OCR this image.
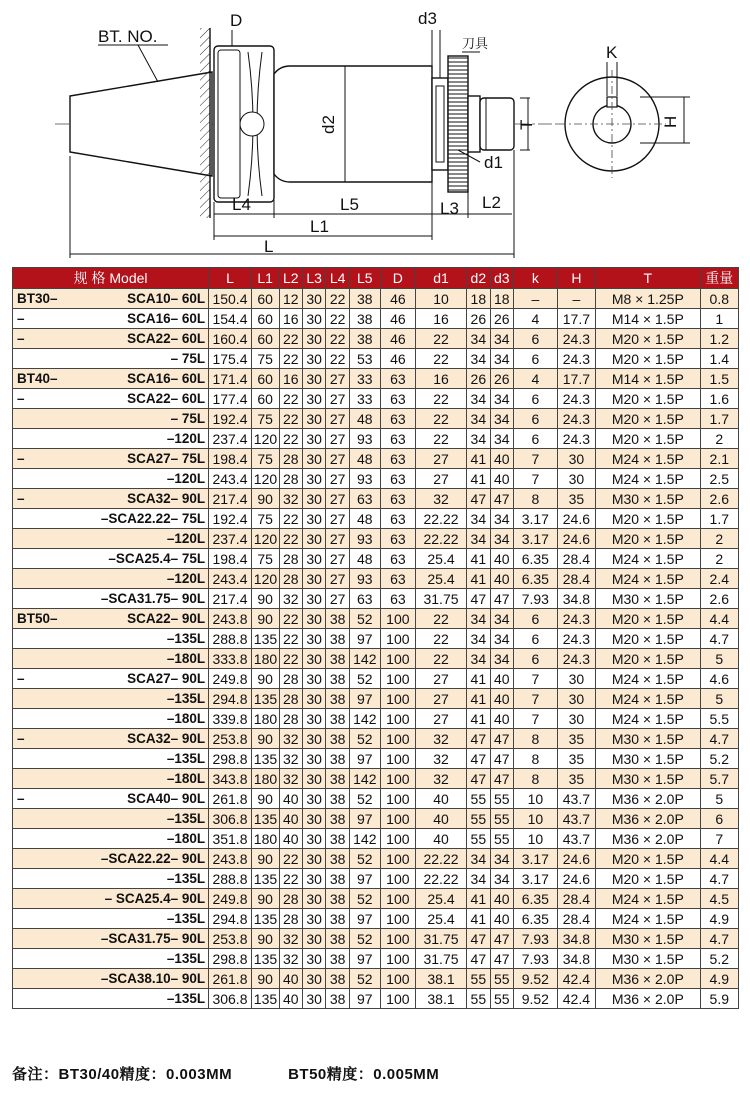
BT. NO.
D	d3
刀具
d2	T
d1
K
H
L4	L5	L3 L2
L1
L
规 格 Model	L	L1	L2	L3	L4	L5	D	d1	d2	d3	k	H	T	重量

BT30– SCA10– 60L	150.4	60	12	30	22	38	46	10	18	18	–	–	M8 × 1.25P	0.8

– SCA16– 60L	154.4	60	16	30	22	38	46	16	26	26	4	17.7	M14 × 1.5P	1

– SCA22– 60L	160.4	60	22	30	22	38	46	22	34	34	6	24.3	M20 × 1.5P	1.2

– 75L	175.4	75	22	30	22	53	46	22	34	34	6	24.3	M20 × 1.5P	1.4

BT40– SCA16– 60L	171.4	60	16	30	27	33	63	16	26	26	4	17.7	M14 × 1.5P	1.5

– SCA22– 60L	177.4	60	22	30	27	33	63	22	34	34	6	24.3	M20 × 1.5P	1.6

– 75L	192.4	75	22	30	27	48	63	22	34	34	6	24.3	M20 × 1.5P	1.7

–120L	237.4	120	22	30	27	93	63	22	34	34	6	24.3	M20 × 1.5P	2

– SCA27– 75L	198.4	75	28	30	27	48	63	27	41	40	7	30	M24 × 1.5P	2.1

–120L	243.4	120	28	30	27	93	63	27	41	40	7	30	M24 × 1.5P	2.5

– SCA32– 90L	217.4	90	32	30	27	63	63	32	47	47	8	35	M30 × 1.5P	2.6

–SCA22.22– 75L	192.4	75	22	30	27	48	63	22.22	34	34	3.17	24.6	M20 × 1.5P	1.7

–120L	237.4	120	22	30	27	93	63	22.22	34	34	3.17	24.6	M20 × 1.5P	2

–SCA25.4– 75L	198.4	75	28	30	27	48	63	25.4	41	40	6.35	28.4	M24 × 1.5P	2

–120L	243.4	120	28	30	27	93	63	25.4	41	40	6.35	28.4	M24 × 1.5P	2.4

–SCA31.75– 90L	217.4	90	32	30	27	63	63	31.75	47	47	7.93	34.8	M30 × 1.5P	2.6

BT50– SCA22– 90L	243.8	90	22	30	38	52	100	22	34	34	6	24.3	M20 × 1.5P	4.4

–135L	288.8	135	22	30	38	97	100	22	34	34	6	24.3	M20 × 1.5P	4.7

–180L	333.8	180	22	30	38	142	100	22	34	34	6	24.3	M20 × 1.5P	5

– SCA27– 90L	249.8	90	28	30	38	52	100	27	41	40	7	30	M24 × 1.5P	4.6

–135L	294.8	135	28	30	38	97	100	27	41	40	7	30	M24 × 1.5P	5

–180L	339.8	180	28	30	38	142	100	27	41	40	7	30	M24 × 1.5P	5.5

– SCA32– 90L	253.8	90	32	30	38	52	100	32	47	47	8	35	M30 × 1.5P	4.7

–135L	298.8	135	32	30	38	97	100	32	47	47	8	35	M30 × 1.5P	5.2

–180L	343.8	180	32	30	38	142	100	32	47	47	8	35	M30 × 1.5P	5.7

– SCA40– 90L	261.8	90	40	30	38	52	100	40	55	55	10	43.7	M36 × 2.0P	5

–135L	306.8	135	40	30	38	97	100	40	55	55	10	43.7	M36 × 2.0P	6

–180L	351.8	180	40	30	38	142	100	40	55	55	10	43.7	M36 × 2.0P	7

–SCA22.22– 90L	243.8	90	22	30	38	52	100	22.22	34	34	3.17	24.6	M20 × 1.5P	4.4

–135L	288.8	135	22	30	38	97	100	22.22	34	34	3.17	24.6	M20 × 1.5P	4.7

– SCA25.4– 90L	249.8	90	28	30	38	52	100	25.4	41	40	6.35	28.4	M24 × 1.5P	4.5

–135L	294.8	135	28	30	38	97	100	25.4	41	40	6.35	28.4	M24 × 1.5P	4.9

–SCA31.75– 90L	253.8	90	32	30	38	52	100	31.75	47	47	7.93	34.8	M30 × 1.5P	4.7

–135L	298.8	135	32	30	38	97	100	31.75	47	47	7.93	34.8	M30 × 1.5P	5.2

–SCA38.10– 90L	261.8	90	40	30	38	52	100	38.1	55	55	9.52	42.4	M36 × 2.0P	4.9

–135L	306.8	135	40	30	38	97	100	38.1	55	55	9.52	42.4	M36 × 2.0P	5.9
备注：BT30/40精度：0.003MM	BT50精度：0.005MM
